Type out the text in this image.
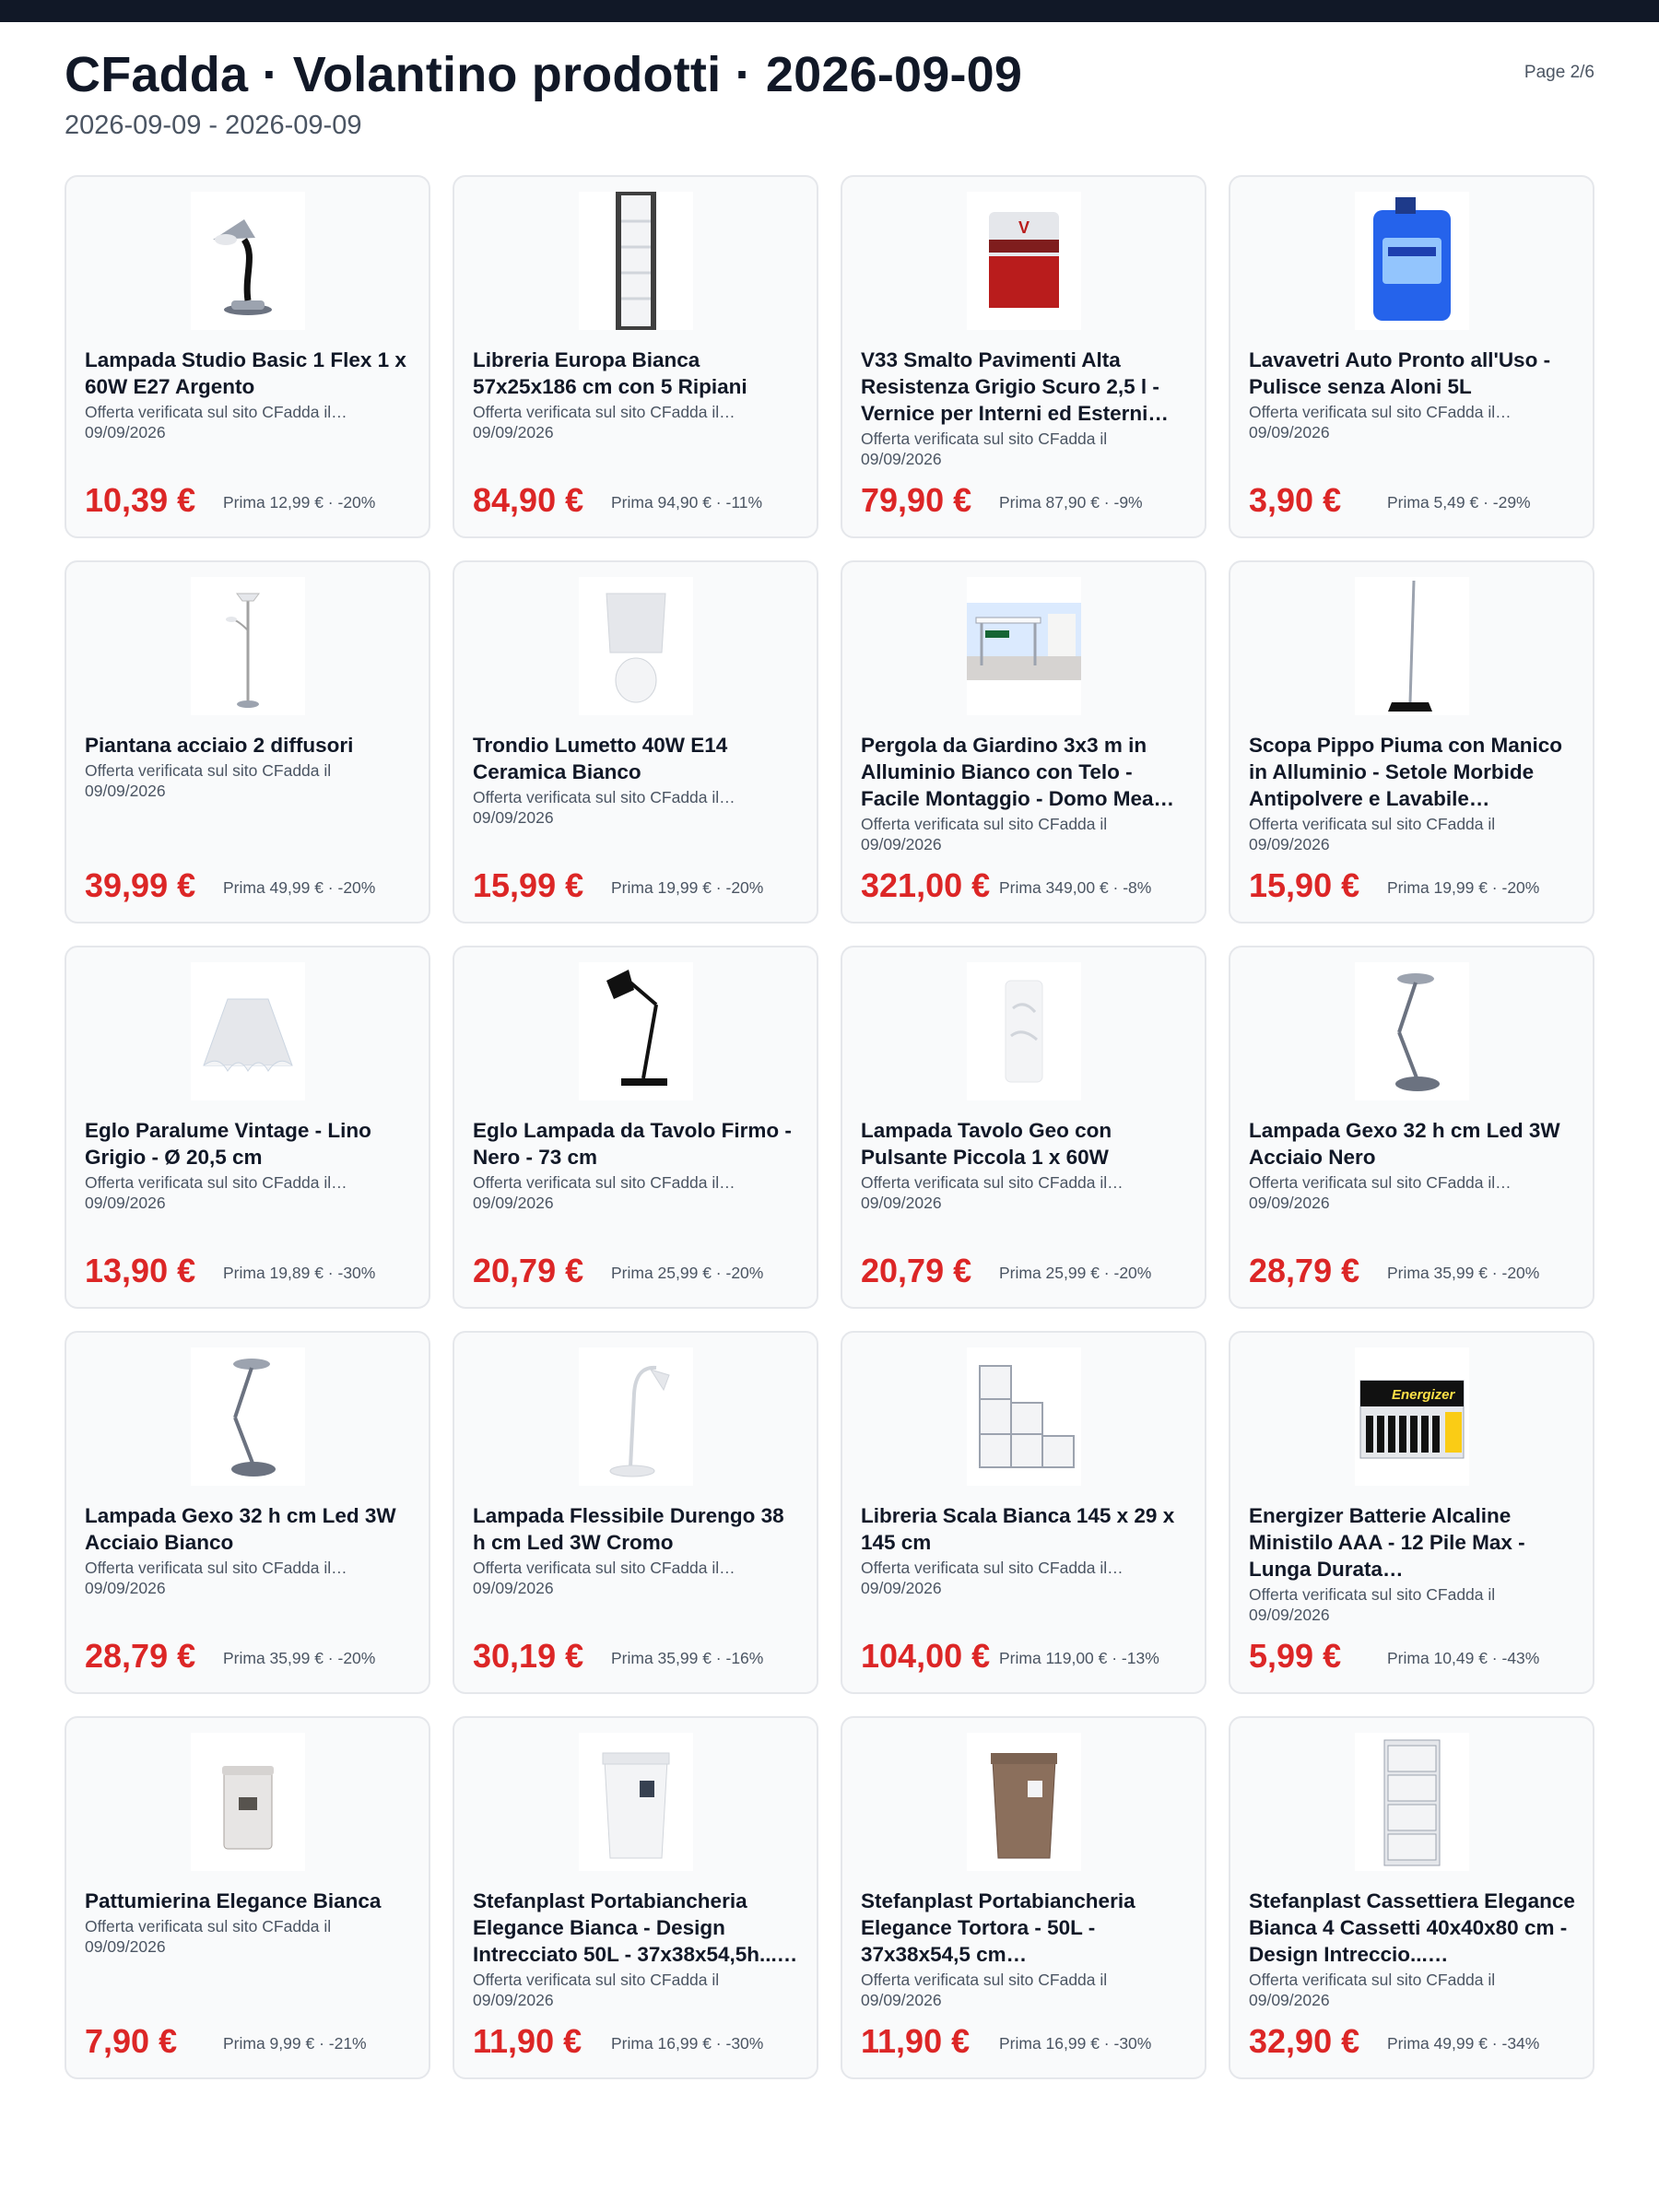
CFadda · Volantino prodotti · 2026-09-09
2026-09-09 - 2026-09-09
Page 2/6
Lampada Studio Basic 1 Flex 1 x 60W E27 Argento
Offerta verificata sul sito CFadda il 09/09/2026
10,39 € Prima 12,99 € · -20%
Libreria Europa Bianca 57x25x186 cm con 5 Ripiani
Offerta verificata sul sito CFadda il 09/09/2026
84,90 € Prima 94,90 € · -11%
V
V33 Smalto Pavimenti Alta Resistenza Grigio Scuro 2,5 l - Vernice per Interni ed Esterni
Offerta verificata sul sito CFadda il 09/09/2026
79,90 € Prima 87,90 € · -9%
Lavavetri Auto Pronto all'Uso - Pulisce senza Aloni 5L
Offerta verificata sul sito CFadda il 09/09/2026
3,90 €	Prima 5,49 € · -29%
Piantana acciaio 2 diffusori
Offerta verificata sul sito CFadda il 09/09/2026
39,99 € Prima 49,99 € · -20%
Trondio Lumetto 40W E14 Ceramica Bianco
Offerta verificata sul sito CFadda il 09/09/2026
15,99 € Prima 19,99 € · -20%
Pergola da Giardino 3x3 m in Alluminio Bianco con Telo - Facile Montaggio - Domo Mea
Offerta verificata sul sito CFadda il 09/09/2026
321,00 € Prima 349,00 € · -8%
Scopa Pippo Piuma con Manico in Alluminio - Setole Morbide Antipolvere e Lavabile
Offerta verificata sul sito CFadda il 09/09/2026
15,90 € Prima 19,99 € · -20%
Eglo Paralume Vintage - Lino Grigio - Ø 20,5 cm
Offerta verificata sul sito CFadda il 09/09/2026
13,90 € Prima 19,89 € · -30%
Eglo Lampada da Tavolo Firmo - Nero - 73 cm
Offerta verificata sul sito CFadda il 09/09/2026
20,79 € Prima 25,99 € · -20%
Lampada Tavolo Geo con Pulsante Piccola 1 x 60W
Offerta verificata sul sito CFadda il 09/09/2026
20,79 € Prima 25,99 € · -20%
Lampada Gexo 32 h cm Led 3W Acciaio Nero
Offerta verificata sul sito CFadda il 09/09/2026
28,79 € Prima 35,99 € · -20%
Lampada Gexo 32 h cm Led 3W Acciaio Bianco
Offerta verificata sul sito CFadda il 09/09/2026
28,79 € Prima 35,99 € · -20%
Lampada Flessibile Durengo 38 h cm Led 3W Cromo
Offerta verificata sul sito CFadda il 09/09/2026
30,19 € Prima 35,99 € · -16%
Libreria Scala Bianca 145 x 29 x 145 cm
Offerta verificata sul sito CFadda il 09/09/2026
104,00 € Prima 119,00 € · -13%
Energizer
Energizer Batterie Alcaline Ministilo AAA - 12 Pile Max - Lunga Durata
Offerta verificata sul sito CFadda il 09/09/2026
5,99 €	Prima 10,49 € · -43%
Pattumierina Elegance Bianca
Offerta verificata sul sito CFadda il 09/09/2026
7,90 €	Prima 9,99 € · -21%
Stefanplast Portabiancheria Elegance Bianca - Design Intrecciato 50L - 37x38x54,5h...
Offerta verificata sul sito CFadda il 09/09/2026
11,90 € Prima 16,99 € · -30%
Stefanplast Portabiancheria Elegance Tortora - 50L - 37x38x54,5 cm
Offerta verificata sul sito CFadda il 09/09/2026
11,90 € Prima 16,99 € · -30%
Stefanplast Cassettiera Elegance Bianca 4 Cassetti 40x40x80 cm - Design Intreccio...
Offerta verificata sul sito CFadda il 09/09/2026
32,90 € Prima 49,99 € · -34%
